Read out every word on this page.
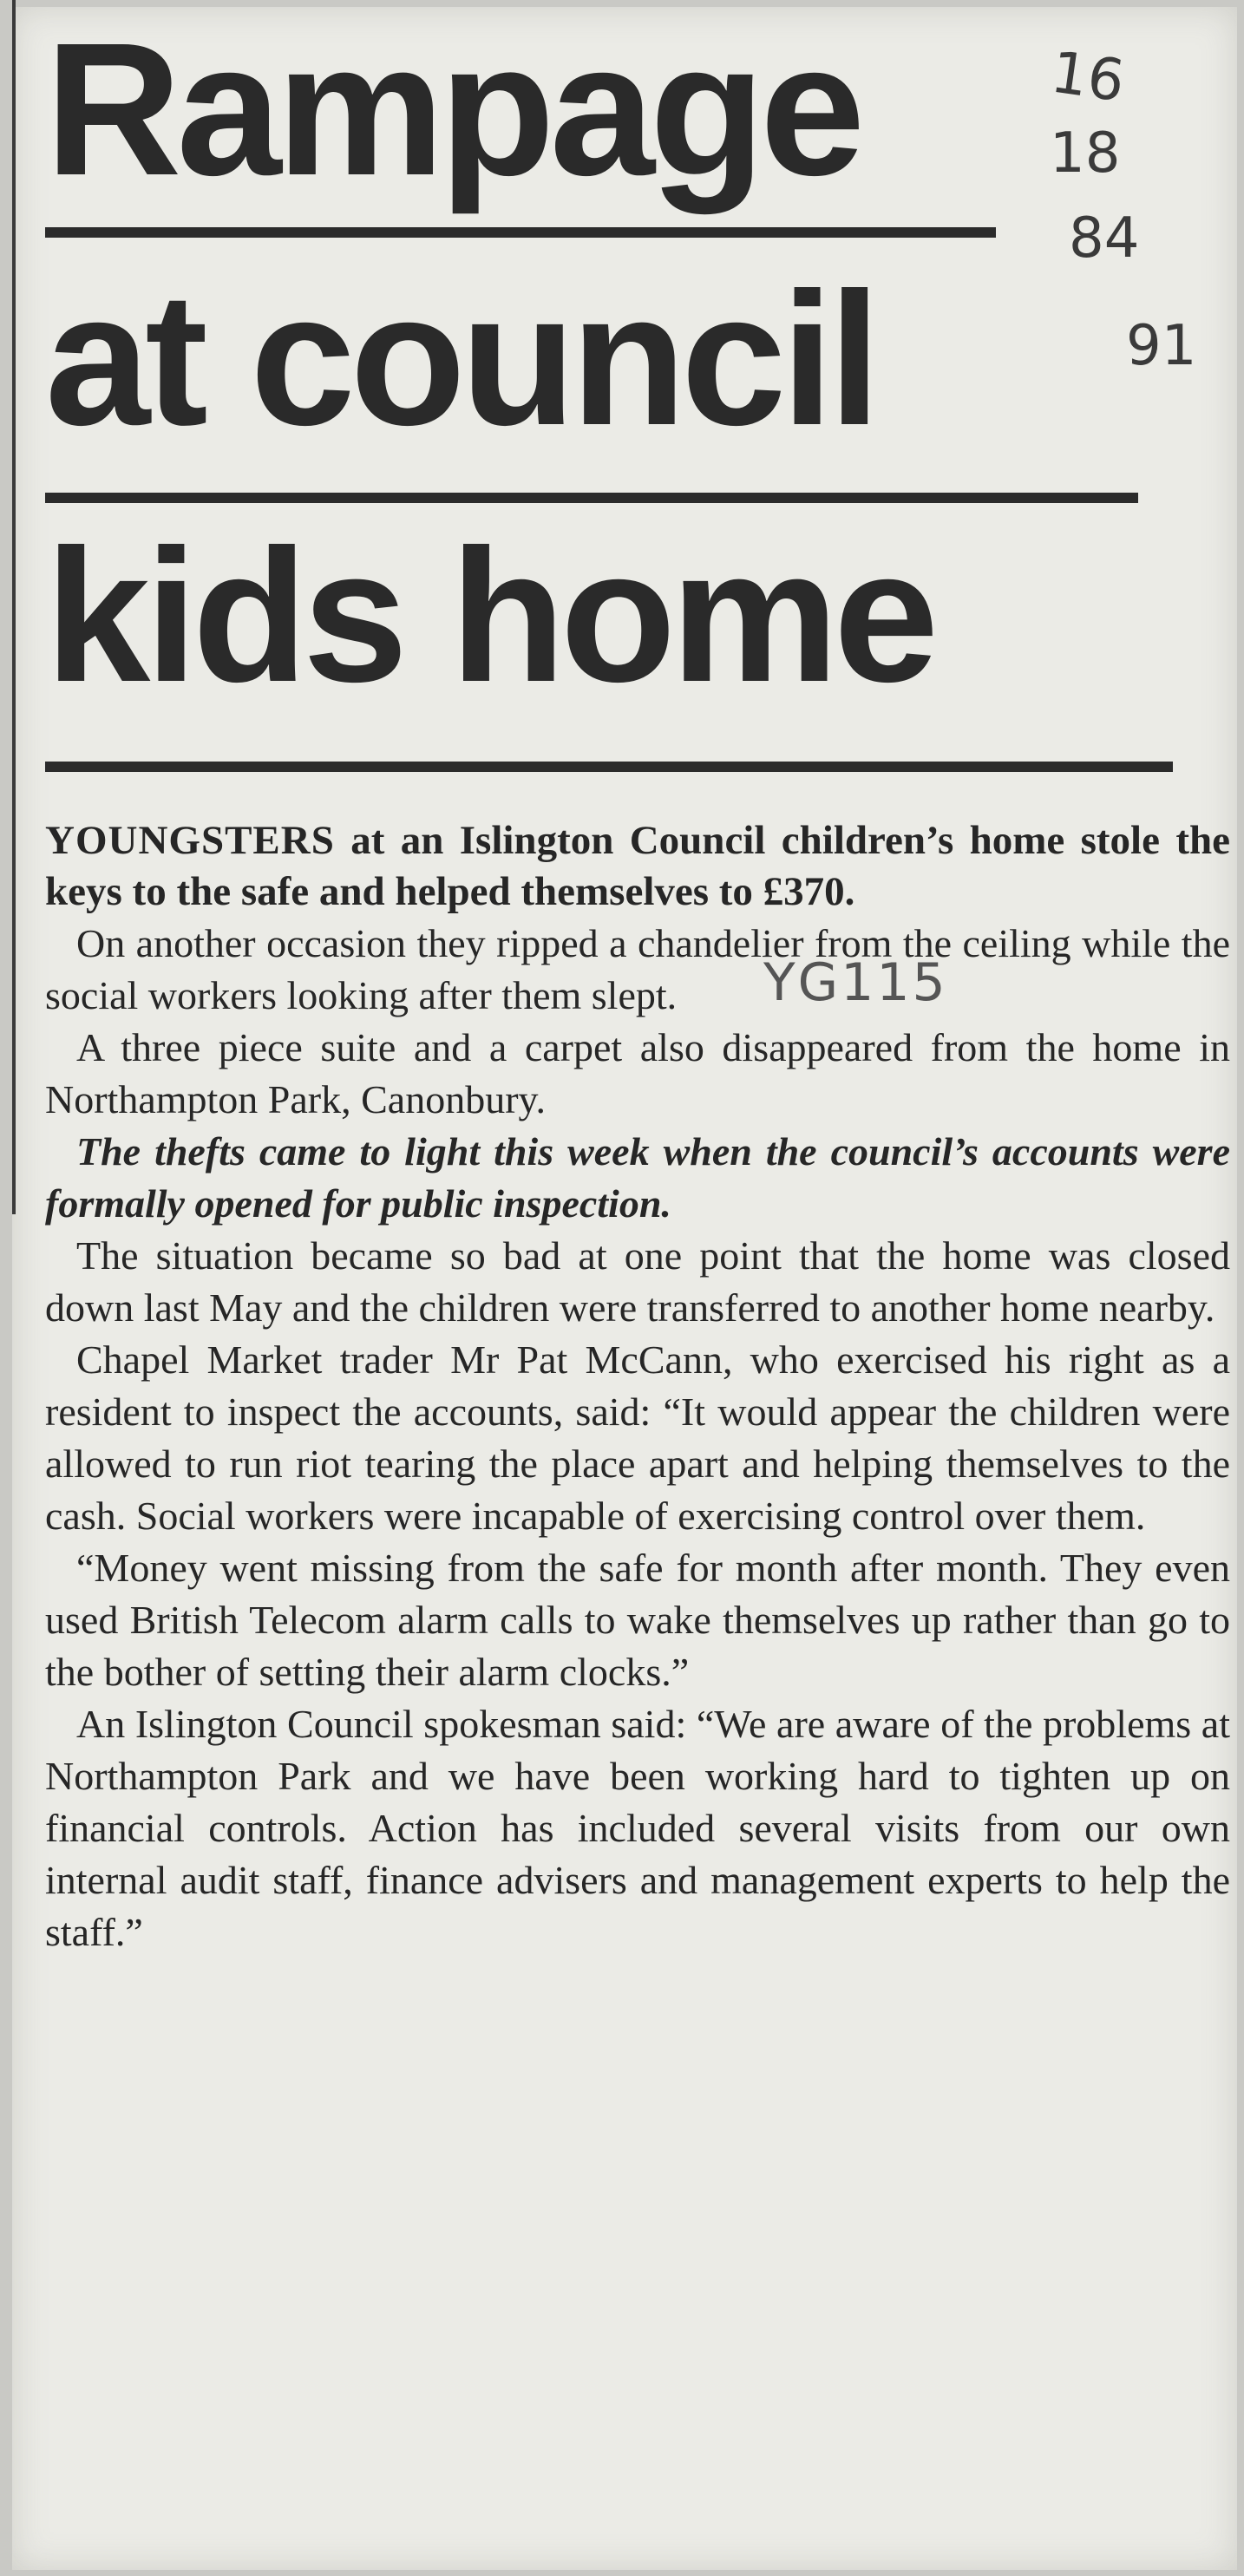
Rampage
at council
kids home
16
18
84
91

YOUNGSTERS at an Islington Council children’s home stole the keys to the safe and helped themselves to £370.

On another occasion they ripped a chandelier from the ceiling while the social workers looking after them slept.

A three piece suite and a carpet also disappeared from the home in Northampton Park, Canonbury.

The thefts came to light this week when the council’s accounts were formally opened for public inspection.

The situation became so bad at one point that the home was closed down last May and the children were transferred to another home nearby.

Chapel Market trader Mr Pat McCann, who exercised his right as a resident to inspect the accounts, said: “It would appear the children were allowed to run riot tearing the place apart and helping themselves to the cash. Social workers were incapable of exercising control over them.

“Money went missing from the safe for month after month. They even used British Telecom alarm calls to wake themselves up rather than go to the bother of setting their alarm clocks.”

An Islington Council spokesman said: “We are aware of the problems at Northampton Park and we have been working hard to tighten up on financial controls. Action has included several visits from our own internal audit staff, finance advisers and management experts to help the staff.”

YG115
